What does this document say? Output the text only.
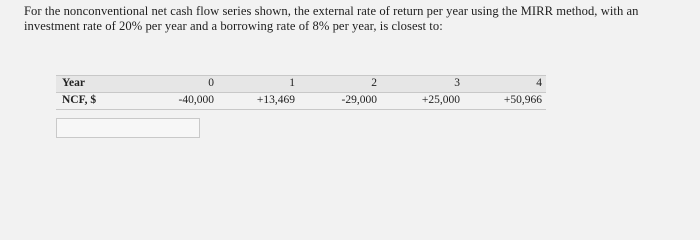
For the nonconventional net cash flow series shown, the external rate of return per year using the MIRR method, with an investment rate of 20% per year and a borrowing rate of 8% per year, is closest to:
Year	0	1	2	3	4
NCF, $	-40,000	+13,469	-29,000	+25,000	+50,966
